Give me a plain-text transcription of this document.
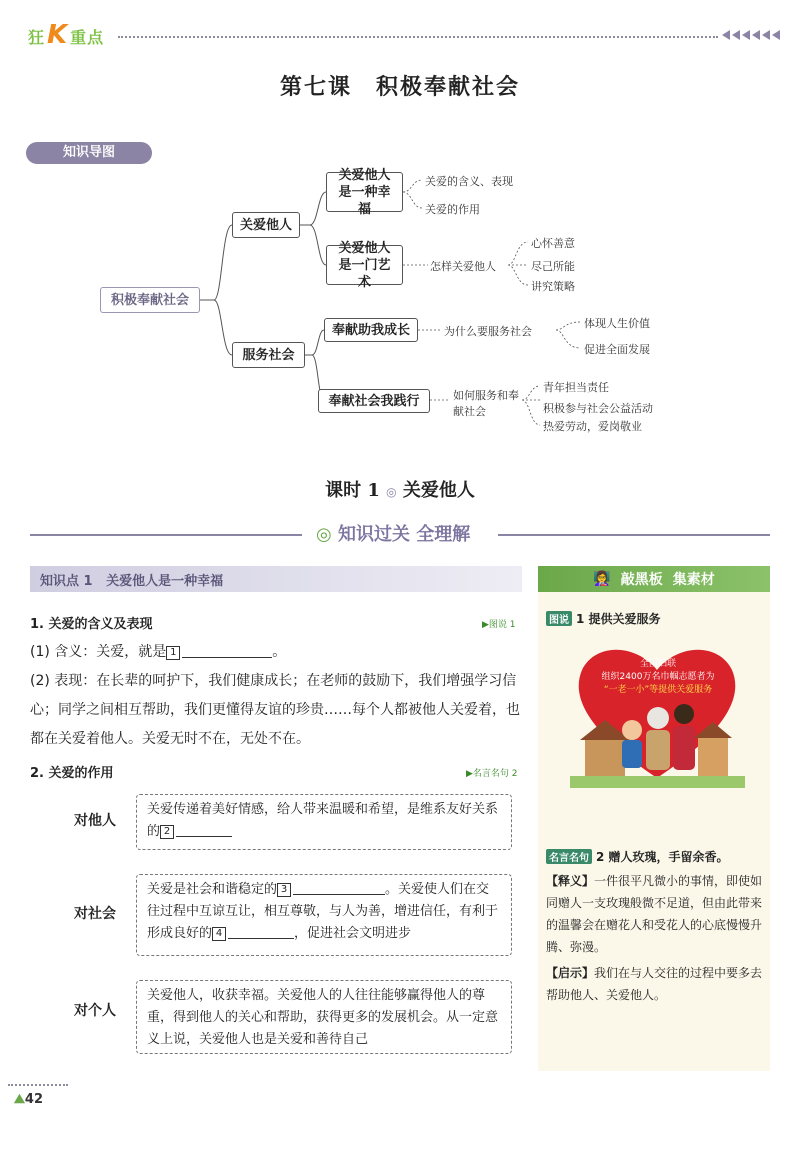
狂K 重点
第七课　积极奉献社会
知识导图
积极奉献社会
关爱他人
服务社会
关爱他人是一种幸福
关爱他人是一门艺术
奉献助我成长
奉献社会我践行
关爱的含义、表现
关爱的作用
怎样关爱他人
心怀善意
尽己所能
讲究策略
为什么要服务社会
体现人生价值
促进全面发展
如何服务和奉献社会
青年担当责任
积极参与社会公益活动
热爱劳动，爱岗敬业
课时 1 ◎ 关爱他人
◎ 知识过关 全理解
知识点 1
关爱他人是一种幸福
1. 关爱的含义及表现	▶图说 1
(1) 含义：关爱，就是 1	。
(2) 表现：在长辈的呵护下，我们健康成长；在老师的鼓励下，我们增强学习信心；同学之间相互帮助，我们更懂得友谊的珍贵……每个人都被他人关爱着，也都在关爱着他人。关爱无时不在，无处不在。
2. 关爱的作用	▶名言名句 2
对他人
关爱传递着美好情感，给人带来温暖和希望，是维系友好关系的 2
对社会
关爱是社会和谐稳定的 3	。关爱使人们在交往过程中互谅互让，相互尊敬，与人为善，增进信任，有利于形成良好的 4	，促进社会文明进步
对个人
关爱他人，收获幸福。关爱他人的人往往能够赢得他人的尊重，得到他人的关心和帮助，获得更多的发展机会。从一定意义上说，关爱他人也是关爱和善待自己
👩‍🏫 敲黑板 集素材
图说 1 提供关爱服务
全国妇联
组织2400万名巾帼志愿者为
“一老一小”等提供关爱服务
名言名句 2 赠人玫瑰，手留余香。
【释义】一件很平凡微小的事情，即使如同赠人一支玫瑰般微不足道，但由此带来的温馨会在赠花人和受花人的心底慢慢升腾、弥漫。
【启示】我们在与人交往的过程中要多去帮助他人、关爱他人。
⛰42
